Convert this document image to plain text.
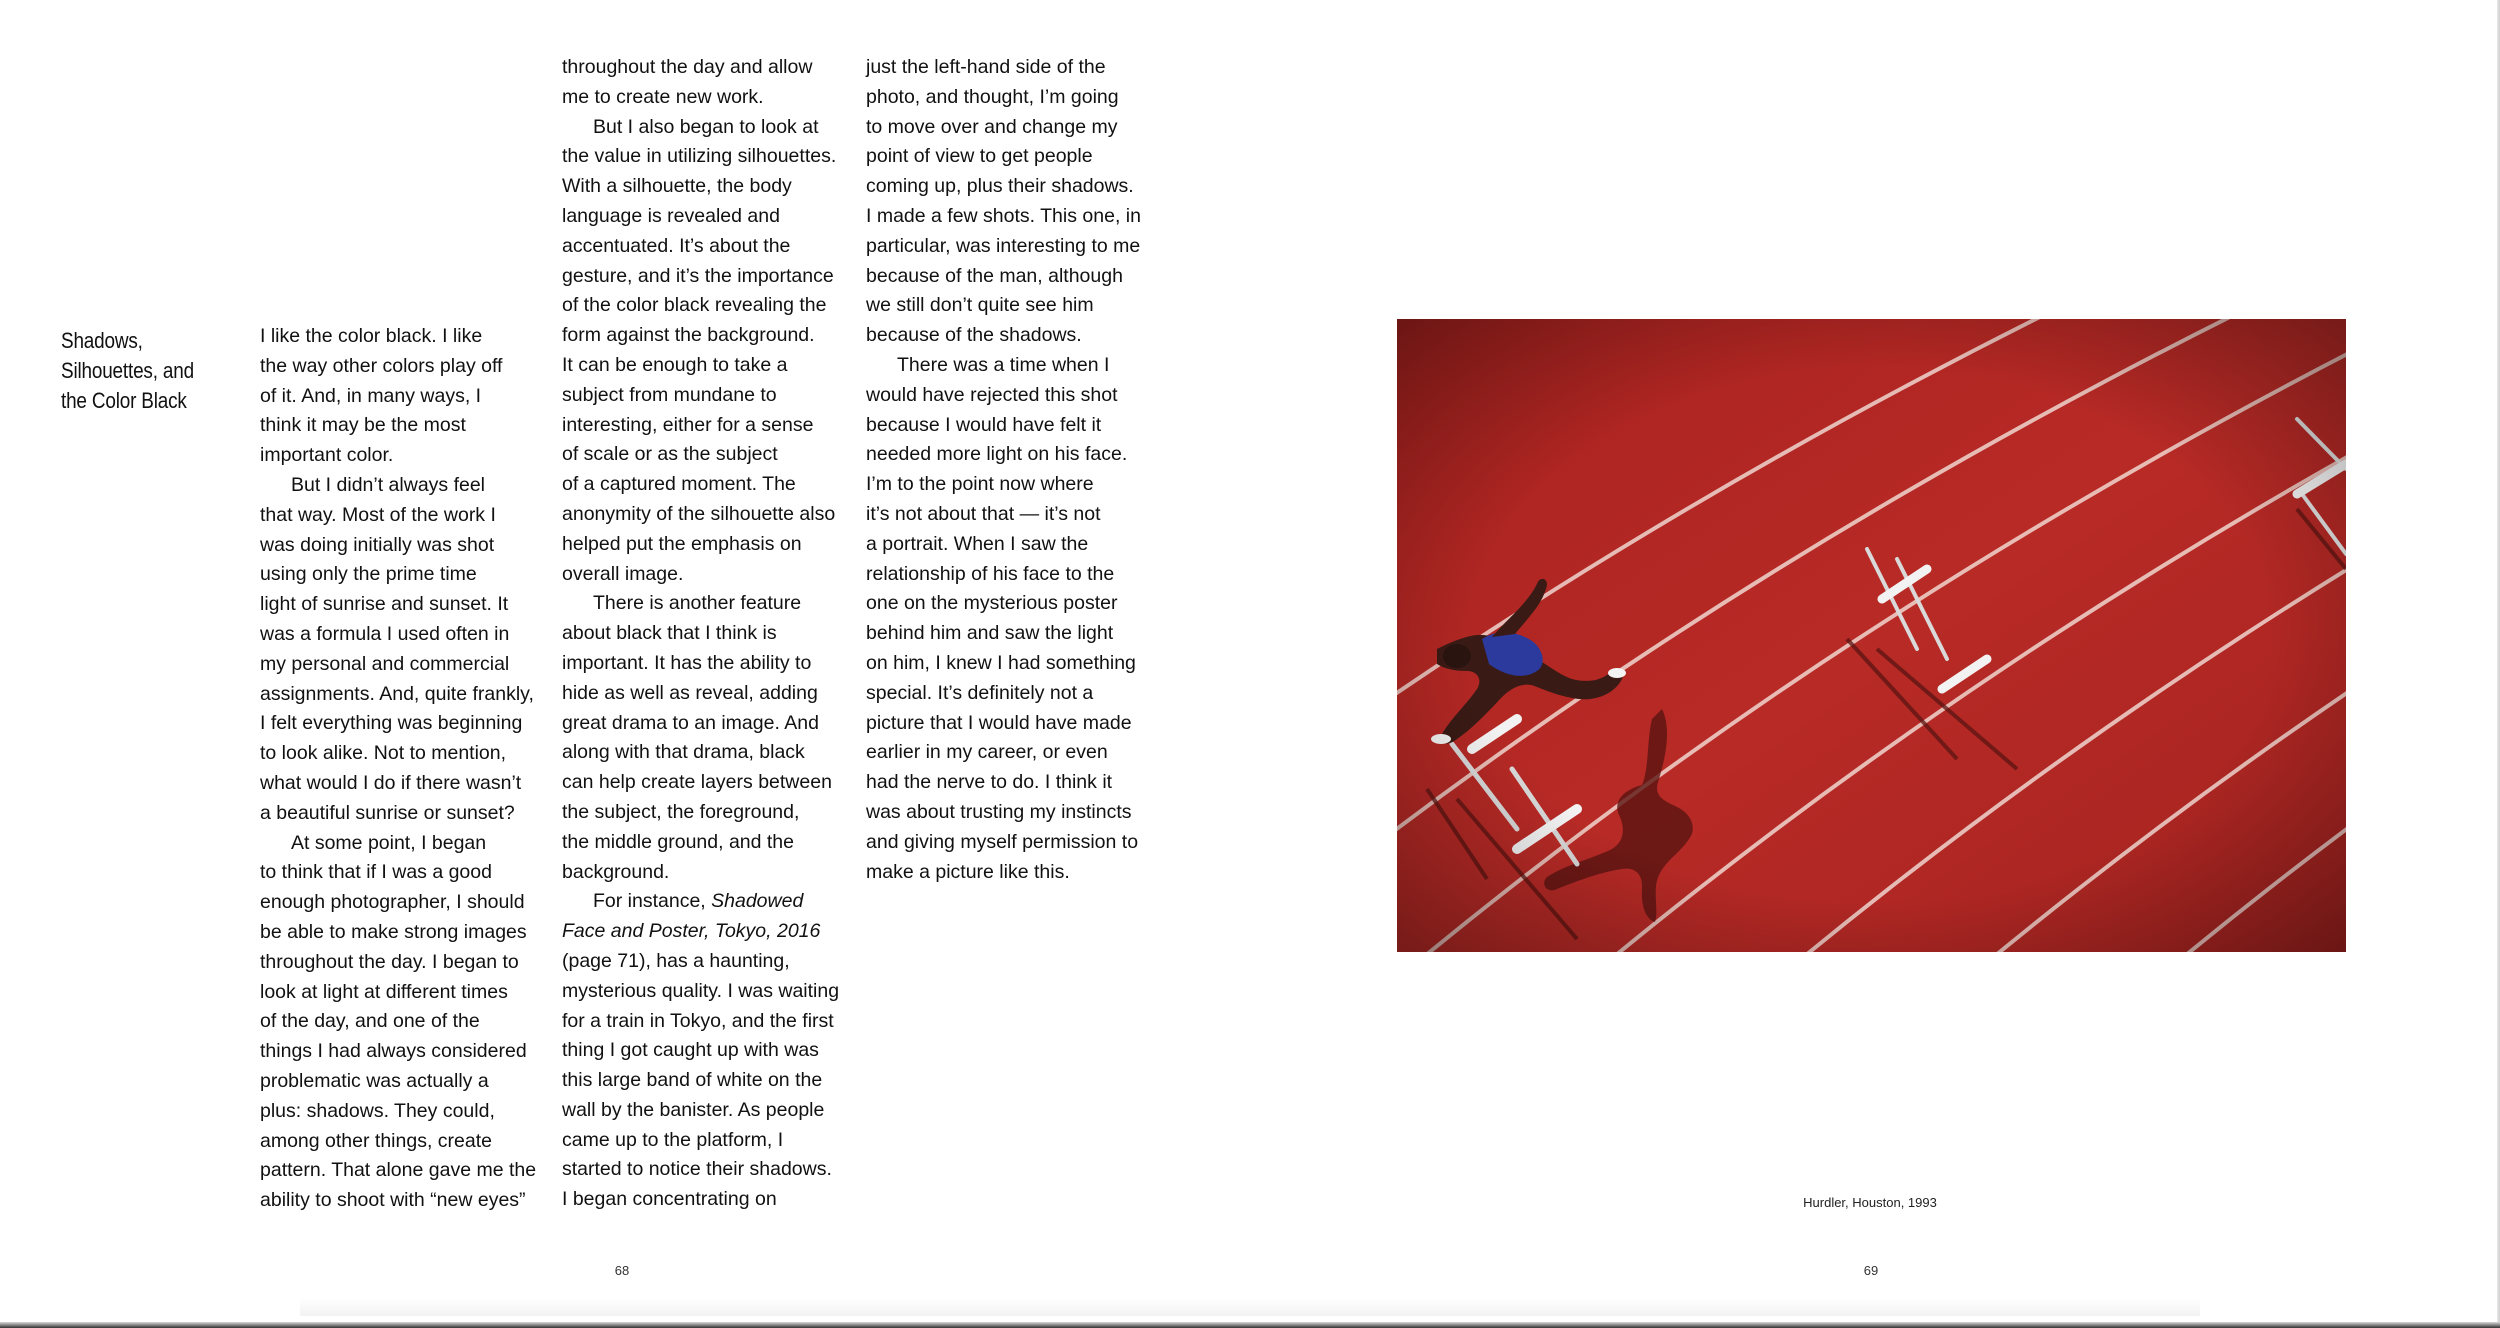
Shadows,
Silhouettes, and
the Color Black
I like the color black. I like
the way other colors play off
of it. And, in many ways, I
think it may be the most
important color.
But I didn’t always feel
that way. Most of the work I
was doing initially was shot
using only the prime time
light of sunrise and sunset. It
was a formula I used often in
my personal and commercial
assignments. And, quite frankly,
I felt everything was beginning
to look alike. Not to mention,
what would I do if there wasn’t
a beautiful sunrise or sunset?
At some point, I began
to think that if I was a good
enough photographer, I should
be able to make strong images
throughout the day. I began to
look at light at different times
of the day, and one of the
things I had always considered
problematic was actually a
plus: shadows. They could,
among other things, create
pattern. That alone gave me the
ability to shoot with “new eyes”
throughout the day and allow
me to create new work.
But I also began to look at
the value in utilizing silhouettes.
With a silhouette, the body
language is revealed and
accentuated. It’s about the
gesture, and it’s the importance
of the color black revealing the
form against the background.
It can be enough to take a
subject from mundane to
interesting, either for a sense
of scale or as the subject
of a captured moment. The
anonymity of the silhouette also
helped put the emphasis on
overall image.
There is another feature
about black that I think is
important. It has the ability to
hide as well as reveal, adding
great drama to an image. And
along with that drama, black
can help create layers between
the subject, the foreground,
the middle ground, and the
background.
For instance, Shadowed
Face and Poster, Tokyo, 2016
(page 71), has a haunting,
mysterious quality. I was waiting
for a train in Tokyo, and the first
thing I got caught up with was
this large band of white on the
wall by the banister. As people
came up to the platform, I
started to notice their shadows.
I began concentrating on
just the left-hand side of the
photo, and thought, I’m going
to move over and change my
point of view to get people
coming up, plus their shadows.
I made a few shots. This one, in
particular, was interesting to me
because of the man, although
we still don’t quite see him
because of the shadows.
There was a time when I
would have rejected this shot
because I would have felt it
needed more light on his face.
I’m to the point now where
it’s not about that — it’s not
a portrait. When I saw the
relationship of his face to the
one on the mysterious poster
behind him and saw the light
on him, I knew I had something
special. It’s definitely not a
picture that I would have made
earlier in my career, or even
had the nerve to do. I think it
was about trusting my instincts
and giving myself permission to
make a picture like this.
68
Hurdler, Houston, 1993
69
